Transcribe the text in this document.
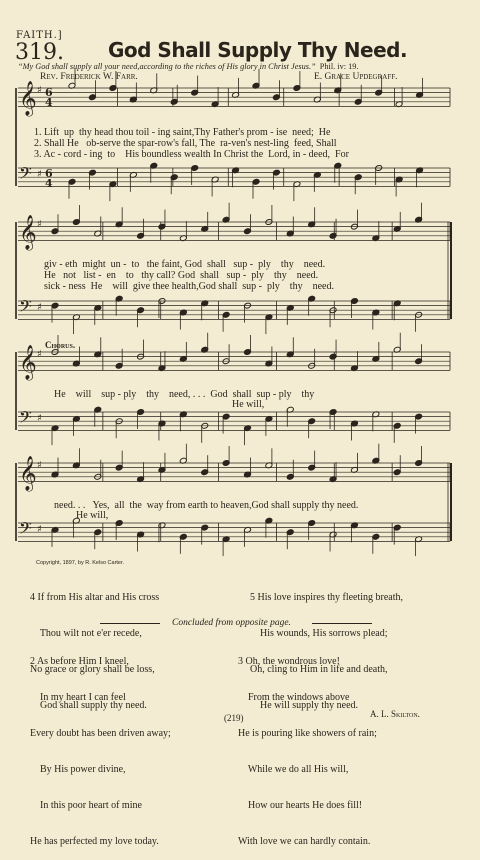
FAITH.]
319. God Shall Supply Thy Need.
“My God shall supply all your need,according to the riches of His glory in Christ Jesus.” Phil. iv: 19.
Rev. Frederick W. Farr.	E. Grace Updegraff.
𝄞 ♯
𝄢 ♯
𝄞 ♯
𝄢 ♯
𝄞 ♯
𝄢 ♯
𝄞 ♯
𝄢 ♯
6
4
6
4
1. Lift  up  thy head thou toil - ing saint,Thy Father's prom - ise  need;  He
2. Shall He   ob-serve the spar-row's fall, The  ra-ven's nest-ling  feed, Shall
3. Ac - cord - ing  to    His boundless wealth In Christ the  Lord, in - deed,  For
giv - eth  might  un -  to   the faint, God  shall   sup -  ply    thy    need.
He   not   list -  en    to   thy call? God  shall   sup -  ply    thy    need.
sick - ness  He    will  give thee health,God shall  sup -  ply    thy    need.
Chorus.
He    will    sup - ply    thy    need, . . .  God  shall  sup - ply    thy
He will,
need. . .   Yes,  all  the  way from earth to heaven,God shall supply thy need.
He will,
Copyright, 1897, by R. Kelso Carter.
A. L. Skilton.

4 If from His altar and His cross

Thou wilt not e'er recede,

No grace or glory shall be loss,

God shall supply thy need.

5 His love inspires thy fleeting breath,

His wounds, His sorrows plead;

Oh, cling to Him in life and death,

He will supply thy need.

Concluded from opposite page.

2 As before Him I kneel,

In my heart I can feel

Every doubt has been driven away;

By His power divine,

In this poor heart of mine

He has perfected my love today.

3 Oh, the wondrous love!

From the windows above

He is pouring like showers of rain;

While we do all His will,

How our hearts He does fill!

With love we can hardly contain.

(219)
